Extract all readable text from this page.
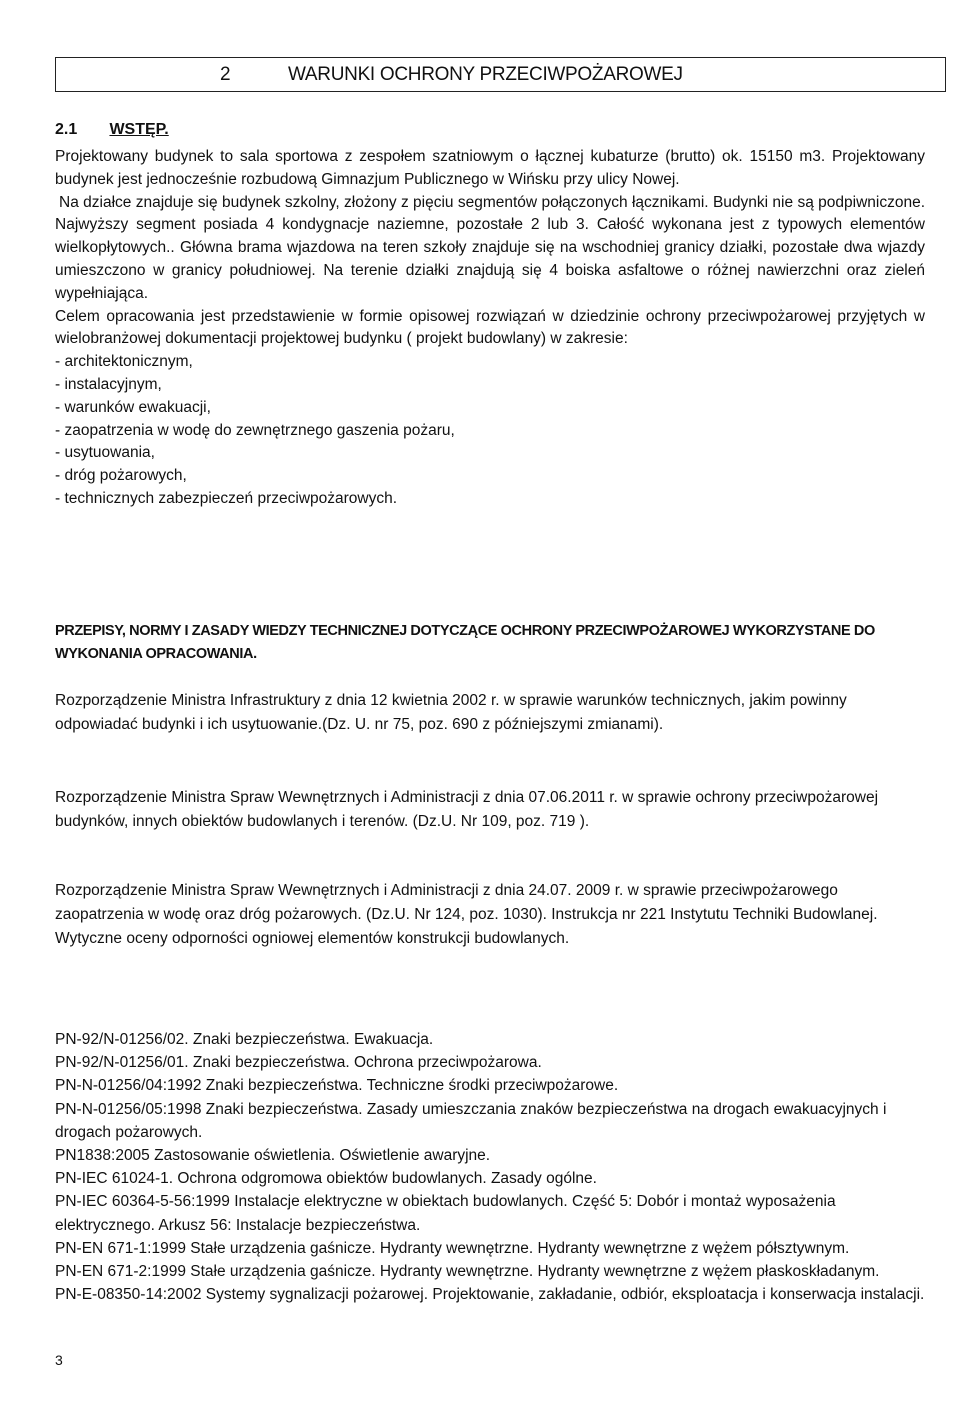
2	WARUNKI OCHRONY PRZECIWPOŻAROWEJ
2.1 WSTĘP.

Projektowany budynek to sala sportowa z zespołem szatniowym o łącznej kubaturze (brutto) ok. 15150 m3. Projektowany budynek jest jednocześnie rozbudową Gimnazjum Publicznego w Wińsku przy ulicy Nowej.

Na działce znajduje się budynek szkolny, złożony z pięciu segmentów połączonych łącznikami. Budynki nie są podpiwniczone. Najwyższy segment posiada 4 kondygnacje naziemne, pozostałe 2 lub 3. Całość wykonana jest z typowych elementów wielkopłytowych.. Główna brama wjazdowa na teren szkoły znajduje się na wschodniej granicy działki, pozostałe dwa wjazdy umieszczono w granicy południowej. Na terenie działki znajdują się 4 boiska asfaltowe o różnej nawierzchni oraz zieleń wypełniająca.

Celem opracowania jest przedstawienie w formie opisowej rozwiązań w dziedzinie ochrony przeciwpożarowej przyjętych w wielobranżowej dokumentacji projektowej budynku ( projekt budowlany) w zakresie:

- architektonicznym,
- instalacyjnym,
- warunków ewakuacji,
- zaopatrzenia w wodę do zewnętrznego gaszenia pożaru,
- usytuowania,
- dróg pożarowych,
- technicznych zabezpieczeń przeciwpożarowych.
PRZEPISY, NORMY I ZASADY WIEDZY TECHNICZNEJ DOTYCZĄCE OCHRONY PRZECIWPOŻAROWEJ WYKORZYSTANE DO WYKONANIA OPRACOWANIA.
Rozporządzenie Ministra Infrastruktury z dnia 12 kwietnia 2002 r. w sprawie warunków technicznych, jakim powinny odpowiadać budynki i ich usytuowanie.(Dz. U. nr 75, poz. 690 z późniejszymi zmianami).
Rozporządzenie Ministra Spraw Wewnętrznych i Administracji z dnia 07.06.2011 r. w sprawie ochrony przeciwpożarowej budynków, innych obiektów budowlanych i terenów. (Dz.U. Nr 109, poz. 719 ).
Rozporządzenie Ministra Spraw Wewnętrznych i Administracji z dnia 24.07. 2009 r. w sprawie przeciwpożarowego zaopatrzenia w wodę oraz dróg pożarowych. (Dz.U. Nr 124, poz. 1030). Instrukcja nr 221 Instytutu Techniki Budowlanej. Wytyczne oceny odporności ogniowej elementów konstrukcji budowlanych.

PN-92/N-01256/02. Znaki bezpieczeństwa. Ewakuacja.

PN-92/N-01256/01. Znaki bezpieczeństwa. Ochrona przeciwpożarowa.

PN-N-01256/04:1992 Znaki bezpieczeństwa. Techniczne środki przeciwpożarowe.

PN-N-01256/05:1998 Znaki bezpieczeństwa. Zasady umieszczania znaków bezpieczeństwa na drogach ewakuacyjnych i drogach pożarowych.

PN1838:2005 Zastosowanie oświetlenia. Oświetlenie awaryjne.

PN-IEC 61024-1. Ochrona odgromowa obiektów budowlanych. Zasady ogólne.

PN-IEC 60364-5-56:1999 Instalacje elektryczne w obiektach budowlanych. Część 5: Dobór i montaż wyposażenia elektrycznego. Arkusz 56: Instalacje bezpieczeństwa.

PN-EN 671-1:1999 Stałe urządzenia gaśnicze. Hydranty wewnętrzne. Hydranty wewnętrzne z wężem półsztywnym.

PN-EN 671-2:1999 Stałe urządzenia gaśnicze. Hydranty wewnętrzne. Hydranty wewnętrzne z wężem płaskoskładanym.

PN-E-08350-14:2002 Systemy sygnalizacji pożarowej. Projektowanie, zakładanie, odbiór, eksploatacja i konserwacja instalacji.

3
